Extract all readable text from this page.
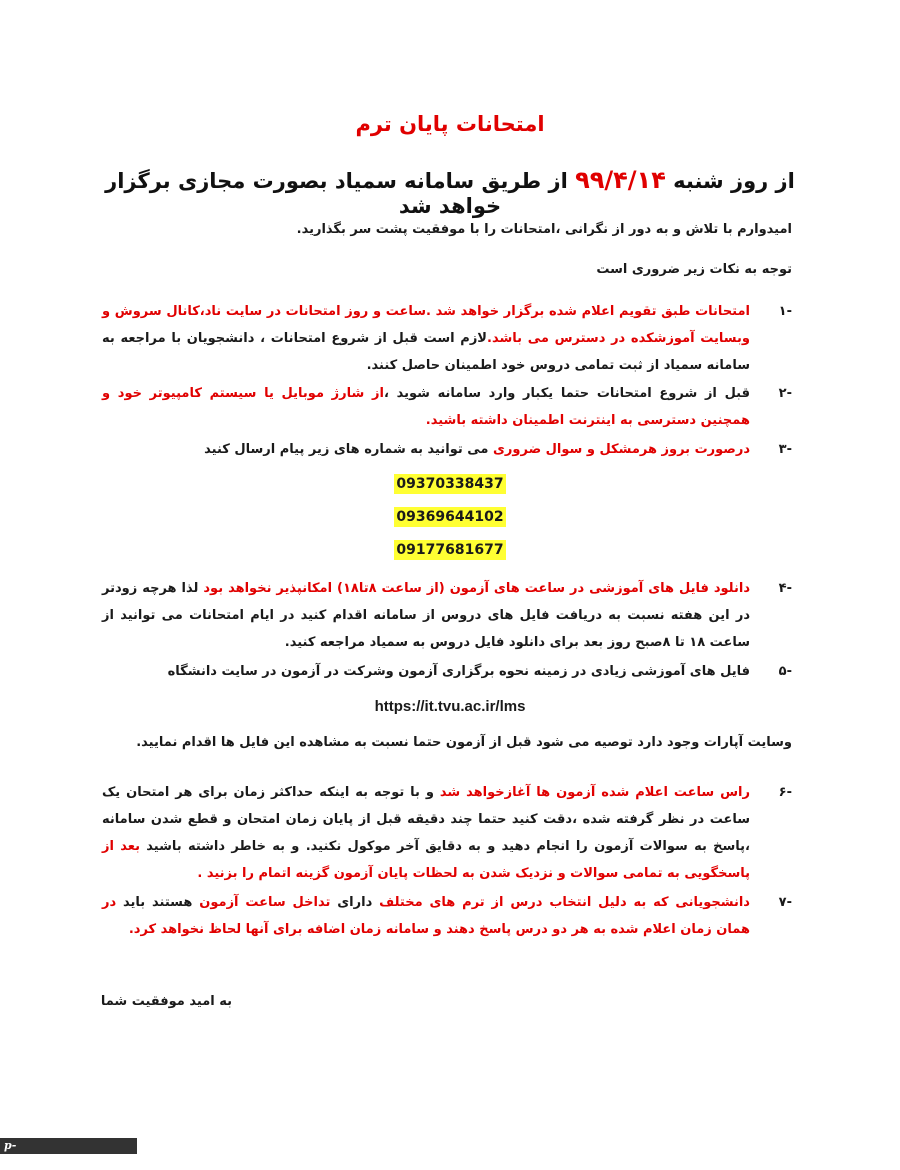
امتحانات پایان ترم
از روز شنبه ۹۹/۴/۱۴ از طریق سامانه سمیاد بصورت مجازی برگزار خواهد شد
امیدوارم با تلاش و به دور از نگرانی ،امتحانات را با موفقیت پشت سر بگذارید.
توجه به نکات زیر ضروری است
-۱
امتحانات طبق تقویم اعلام شده برگزار خواهد شد .ساعت و روز امتحانات در سایت ناد،کانال سروش و وبسایت آموزشکده در دسترس می باشد.لازم است قبل از شروع امتحانات ، دانشجویان با مراجعه به سامانه سمیاد از ثبت تمامی دروس خود اطمینان حاصل کنند.
-۲
قبل از شروع امتحانات حتما یکبار وارد سامانه شوید ،از شارژ موبایل یا سیستم کامپیوتر خود و همچنین دسترسی به اینترنت اطمینان داشته باشید.
-۳
درصورت بروز هرمشکل و سوال ضروری می توانید به شماره های زیر پیام ارسال کنید
09370338437
09369644102
09177681677
-۴
دانلود فایل های آموزشی در ساعت های آزمون (از ساعت ۸تا۱۸) امکانپذیر نخواهد بود لذا هرچه زودتر در این هفته نسبت به دریافت فایل های دروس از سامانه اقدام کنید در ایام امتحانات می توانید از ساعت ۱۸ تا ۸صبح روز بعد برای دانلود فایل دروس به سمیاد مراجعه کنید.
-۵
فایل های آموزشی زیادی در زمینه نحوه برگزاری آزمون وشرکت در آزمون در سایت دانشگاه
https://it.tvu.ac.ir/lms
وسایت آپارات وجود دارد توصیه می شود قبل از آزمون حتما نسبت به مشاهده این فایل ها اقدام نمایید.
-۶
راس ساعت اعلام شده آزمون ها آغازخواهد شد و با توجه به اینکه حداکثر زمان برای هر امتحان یک ساعت در نظر گرفته شده ،دقت کنید حتما چند دقیقه قبل از پایان زمان امتحان و قطع شدن سامانه ،پاسخ به سوالات آزمون را انجام دهید و به دقایق آخر موکول نکنید. و به خاطر داشته باشید بعد از پاسخگویی به تمامی سوالات و نزدیک شدن به لحظات پایان آزمون گزینه اتمام را بزنید .
-۷
دانشجویانی که به دلیل انتخاب درس از ترم های مختلف دارای تداخل ساعت آزمون هستند باید در همان زمان اعلام شده به هر دو درس پاسخ دهند و سامانه زمان اضافه برای آنها لحاظ نخواهد کرد.
به امید موفقیت شما
p-bandarabas.nus.ac.ir
